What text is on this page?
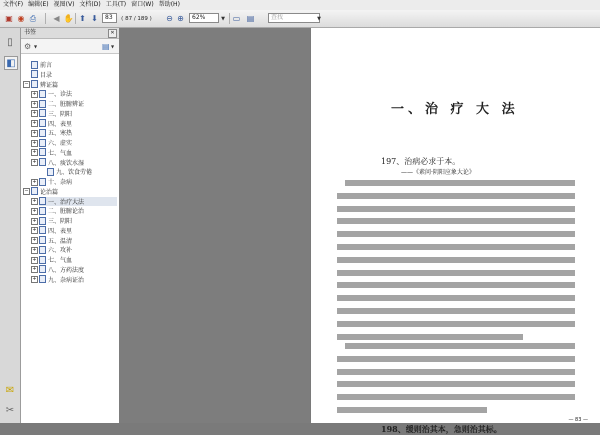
文件(F) 编辑(E) 视图(V) 文档(D) 工具(T) 窗口(W) 帮助(H)
▣ ◉ ⎙	◀ ✋ ⬆ ⬇	83	( 87 / 189 ) ⊖ ⊕	62%	▼ ▭ ▤	查找	▼
▯
◧
✉
✂
书签	✕
⚙ ▼	▤ ▼
前言
目录
− 辨证篇
+ 一、诊法
+ 二、脏腑辨证
+ 三、阴阳
+ 四、表里
+ 五、寒热
+ 六、虚实
+ 七、气血
+ 八、痰饮水湿
九、饮食劳倦
+ 十、杂病
− 论治篇
+ 一、治疗大法
+ 二、脏腑论治
+ 三、阴阳
+ 四、表里
+ 五、温清
+ 六、攻补
+ 七、气血
+ 八、方药法度
+ 九、杂病证治
一、治 疗 大 法
197、治病必求于本。
——《素问·阴阳应象大论》
198、缓则治其本，急则治其标。
— 83 —
